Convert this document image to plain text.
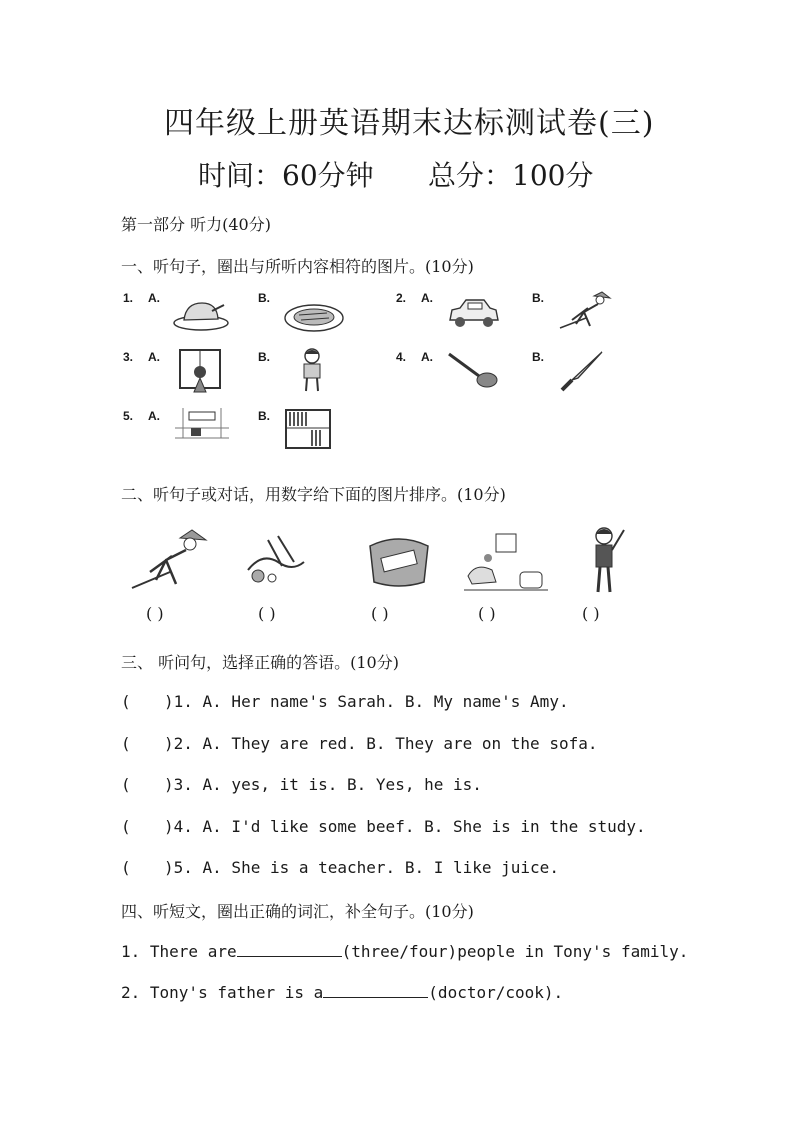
四年级上册英语期末达标测试卷(三)
时间：60分钟 总分：100分
第一部分 听力(40分)
一、听句子，圈出与所听内容相符的图片。(10分)
1. A.	B.	2. A.	B.
3. A.	B.	4. A.	B.
5. A.	B.
二、听句子或对话，用数字给下面的图片排序。(10分)
( )	( )	( )	( )	( )
三、 听问句，选择正确的答语。(10分)
( )1. A. Her name's Sarah. B. My name's Amy.
( )2. A. They are red. B. They are on the sofa.
( )3. A. yes, it is. B. Yes, he is.
( )4. A. I'd like some beef. B. She is in the study.
( )5. A. She is a teacher. B. I like juice.
四、听短文，圈出正确的词汇，补全句子。(10分)
1. There are	(three/four)people in Tony's family.
2. Tony's father is a	(doctor/cook).
